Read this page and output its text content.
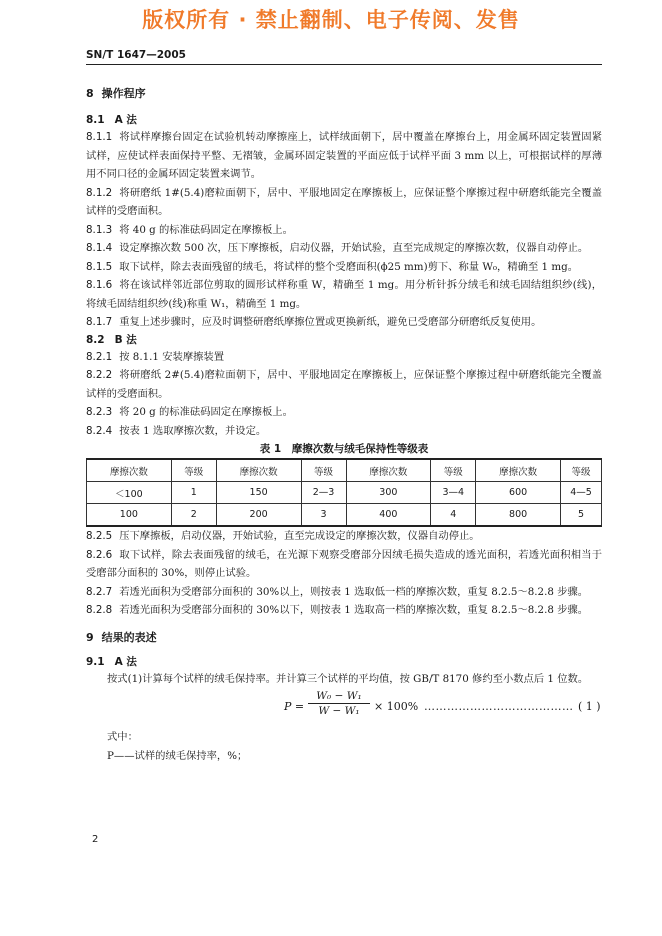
版权所有 · 禁止翻制、电子传阅、发售
SN/T 1647—2005
8 操作程序
8.1 A 法
8.1.1 将试样摩擦台固定在试验机转动摩擦座上，试样绒面朝下，居中覆盖在摩擦台上，用金属环固定装置固紧试样，应使试样表面保持平整、无褶皱，金属环固定装置的平面应低于试样平面 3 mm 以上，可根据试样的厚薄用不同口径的金属环固定装置来调节。
8.1.2 将研磨纸 1#(5.4)磨粒面朝下，居中、平服地固定在摩擦板上，应保证整个摩擦过程中研磨纸能完全覆盖试样的受磨面积。
8.1.3 将 40 g 的标准砝码固定在摩擦板上。
8.1.4 设定摩擦次数 500 次，压下摩擦板，启动仪器，开始试验，直至完成规定的摩擦次数，仪器自动停止。
8.1.5 取下试样，除去表面残留的绒毛，将试样的整个受磨面积(ϕ25 mm)剪下、称量 W₀，精确至 1 mg。
8.1.6 将在该试样邻近部位剪取的圆形试样称重 W，精确至 1 mg。用分析针拆分绒毛和绒毛固结组织纱(线)，将绒毛固结组织纱(线)称重 W₁，精确至 1 mg。
8.1.7 重复上述步骤时，应及时调整研磨纸摩擦位置或更换新纸，避免已受磨部分研磨纸反复使用。
8.2 B 法
8.2.1 按 8.1.1 安装摩擦装置
8.2.2 将研磨纸 2#(5.4)磨粒面朝下，居中、平服地固定在摩擦板上，应保证整个摩擦过程中研磨纸能完全覆盖试样的受磨面积。
8.2.3 将 20 g 的标准砝码固定在摩擦板上。
8.2.4 按表 1 选取摩擦次数，并设定。
表 1　摩擦次数与绒毛保持性等级表
摩擦次数	等级	摩擦次数	等级	摩擦次数	等级	摩擦次数	等级
＜100	1	150	2—3	300	3—4	600	4—5
100	2	200	3	400	4	800	5
8.2.5 压下摩擦板，启动仪器，开始试验，直至完成设定的摩擦次数，仪器自动停止。
8.2.6 取下试样，除去表面残留的绒毛，在光源下观察受磨部分因绒毛损失造成的透光面积，若透光面积相当于受磨部分面积的 30%，则停止试验。
8.2.7 若透光面积为受磨部分面积的 30%以上，则按表 1 选取低一档的摩擦次数，重复 8.2.5～8.2.8 步骤。
8.2.8 若透光面积为受磨部分面积的 30%以下，则按表 1 选取高一档的摩擦次数，重复 8.2.5～8.2.8 步骤。
9 结果的表述
9.1 A 法
按式(1)计算每个试样的绒毛保持率。并计算三个试样的平均值，按 GB/T 8170 修约至小数点后 1 位数。
$P = \frac{\text{W₀ − W₁}}{\text{W − W₁}} \times 100\%$ ………………………………… ( 1 )
式中：
P——试样的绒毛保持率，%；
2
